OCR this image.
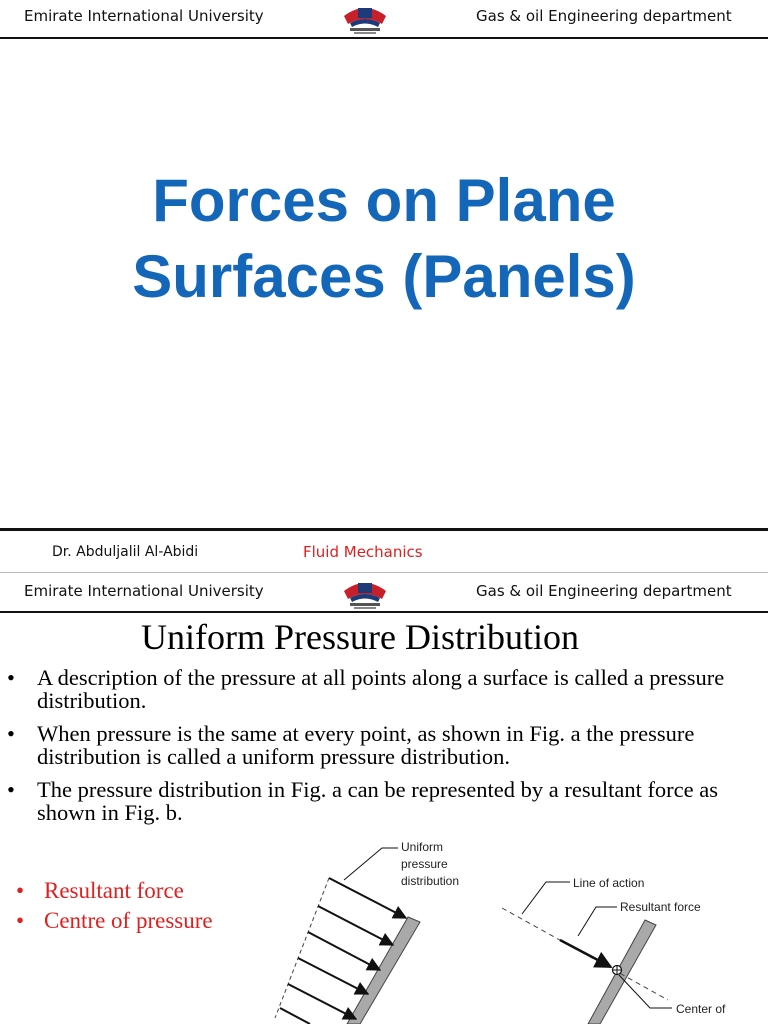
Emirate International University	Gas & oil Engineering department
Forces on Plane
Surfaces (Panels)
Dr. Abduljalil Al-Abidi	Fluid Mechanics
Emirate International University	Gas & oil Engineering department
Uniform Pressure Distribution
• A description of the pressure at all points along a surface is called a pressure distribution.
• When pressure is the same at every point, as shown in Fig. a the pressure distribution is called a uniform pressure distribution.
• The pressure distribution in Fig. a can be represented by a resultant force as shown in Fig. b.
• Resultant force
• Centre of pressure
Uniform
pressure
distribution	Line of action
Resultant force
Center of
